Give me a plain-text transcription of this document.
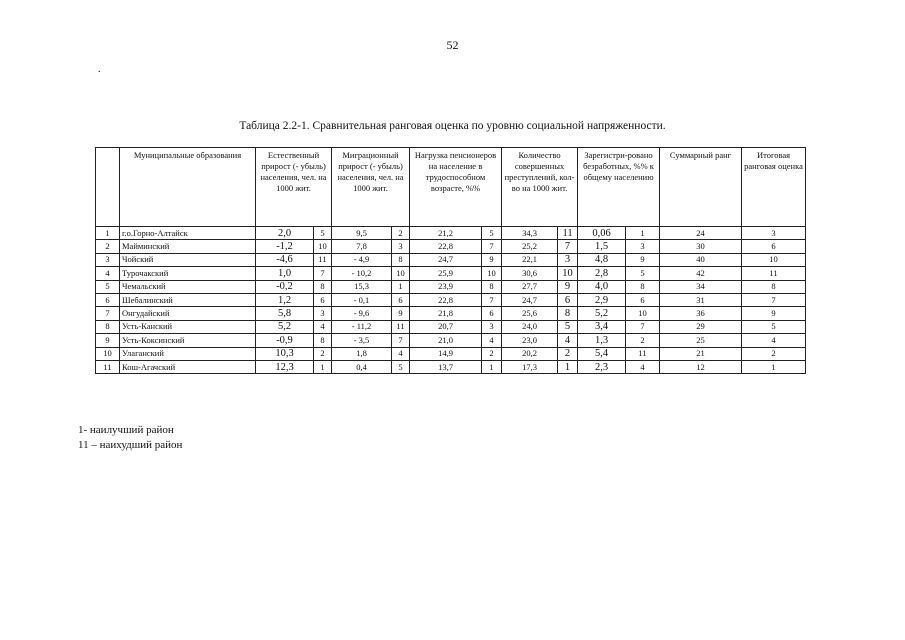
52
.
Таблица 2.2-1. Сравнительная ранговая оценка по уровню социальной напряженности.
	Муниципальные образования	Естественный прирост (- убыль) населения, чел. на 1000 жит.		Миграционный прирост (- убыль) населения, чел. на 1000 жит.		Нагрузка пенсионеров на население в трудоспособном возрасте, %%		Количество совершенных преступлений, кол-во на 1000 жит.		Зарегистри-ровано безработных, %% к общему населению		Суммарный ранг	Итоговая ранговая оценка
1	г.о.Горно-Алтайск	2,0	5	9,5	2	21,2	5	34,3	11	0,06	1	24	3
2	Майминский	-1,2	10	7,8	3	22,8	7	25,2	7	1,5	3	30	6
3	Чойский	-4,6	11	- 4,9	8	24,7	9	22,1	3	4,8	9	40	10
4	Турочакский	1,0	7	- 10,2	10	25,9	10	30,6	10	2,8	5	42	11
5	Чемальский	-0,2	8	15,3	1	23,9	8	27,7	9	4,0	8	34	8
6	Шебалинский	1,2	6	- 0,1	6	22,8	7	24,7	6	2,9	6	31	7
7	Онгудайский	5,8	3	- 9,6	9	21,8	6	25,6	8	5,2	10	36	9
8	Усть-Канский	5,2	4	- 11,2	11	20,7	3	24,0	5	3,4	7	29	5
9	Усть-Коксинский	-0,9	8	- 3,5	7	21,0	4	23,0	4	1,3	2	25	4
10	Улаганский	10,3	2	1,8	4	14,9	2	20,2	2	5,4	11	21	2
11	Кош-Агачский	12,3	1	0,4	5	13,7	1	17,3	1	2,3	4	12	1
1- наилучший район
11 – наихудший район
